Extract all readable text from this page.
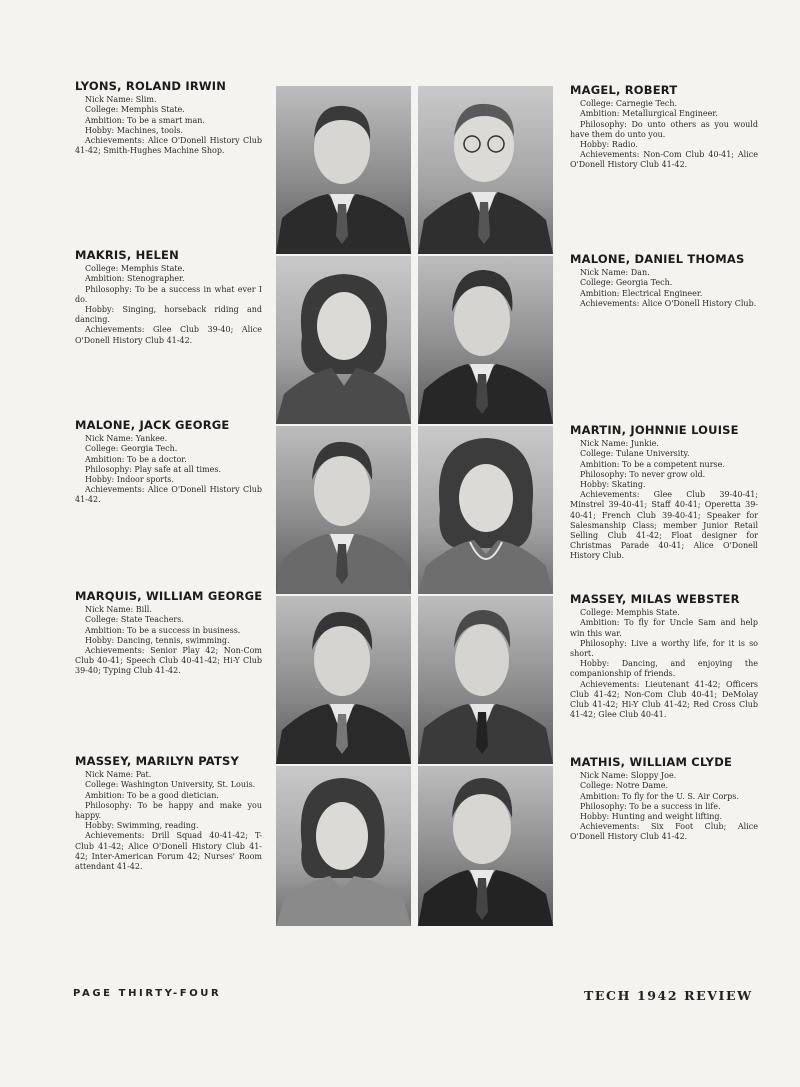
LYONS, ROLAND IRWIN
Nick Name: Slim.
College: Memphis State.
Ambition: To be a smart man.
Hobby: Machines, tools.
Achievements: Alice O'Donell History Club 41-42; Smith-Hughes Machine Shop.
MAKRIS, HELEN
College: Memphis State.
Ambition: Stenographer.
Philosophy: To be a success in what ever I do.
Hobby: Singing, horseback riding and dancing.
Achievements: Glee Club 39-40; Alice O'Donell History Club 41-42.
MALONE, JACK GEORGE
Nick Name: Yankee.
College: Georgia Tech.
Ambition: To be a doctor.
Philosophy: Play safe at all times.
Hobby: Indoor sports.
Achievements: Alice O'Donell History Club 41-42.
MARQUIS, WILLIAM GEORGE
Nick Name: Bill.
College: State Teachers.
Ambition: To be a success in business.
Hobby: Dancing, tennis, swimming.
Achievements: Senior Play 42; Non-Com Club 40-41; Speech Club 40-41-42; Hi-Y Club 39-40; Typing Club 41-42.
MASSEY, MARILYN PATSY
Nick Name: Pat.
College: Washington University, St. Louis.
Ambition: To be a good dietician.
Philosophy: To be happy and make you happy.
Hobby: Swimming, reading.
Achievements: Drill Squad 40-41-42; T-Club 41-42; Alice O'Donell History Club 41-42; Inter-American Forum 42; Nurses' Room attendant 41-42.
MAGEL, ROBERT
College: Carnegie Tech.
Ambition: Metallurgical Engineer.
Philosophy: Do unto others as you would have them do unto you.
Hobby: Radio.
Achievements: Non-Com Club 40-41; Alice O'Donell History Club 41-42.
MALONE, DANIEL THOMAS
Nick Name: Dan.
College: Georgia Tech.
Ambition: Electrical Engineer.
Achievements: Alice O'Donell History Club.
MARTIN, JOHNNIE LOUISE
Nick Name: Junkie.
College: Tulane University.
Ambition: To be a competent nurse.
Philosophy: To never grow old.
Hobby: Skating.
Achievements: Glee Club 39-40-41; Minstrel 39-40-41; Staff 40-41; Operetta 39-40-41; French Club 39-40-41; Speaker for Salesmanship Class; member Junior Retail Selling Club 41-42; Float designer for Christmas Parade 40-41; Alice O'Donell History Club.
MASSEY, MILAS WEBSTER
College: Memphis State.
Ambition: To fly for Uncle Sam and help win this war.
Philosophy: Live a worthy life, for it is so short.
Hobby: Dancing, and enjoying the companionship of friends.
Achievements: Lieutenant 41-42; Officers Club 41-42; Non-Com Club 40-41; DeMolay Club 41-42; Hi-Y Club 41-42; Red Cross Club 41-42; Glee Club 40-41.
MATHIS, WILLIAM CLYDE
Nick Name: Sloppy Joe.
College: Notre Dame.
Ambition: To fly for the U. S. Air Corps.
Philosophy: To be a success in life.
Hobby: Hunting and weight lifting.
Achievements: Six Foot Club; Alice O'Donell History Club 41-42.
PAGE THIRTY-FOUR	TECH 1942 REVIEW
